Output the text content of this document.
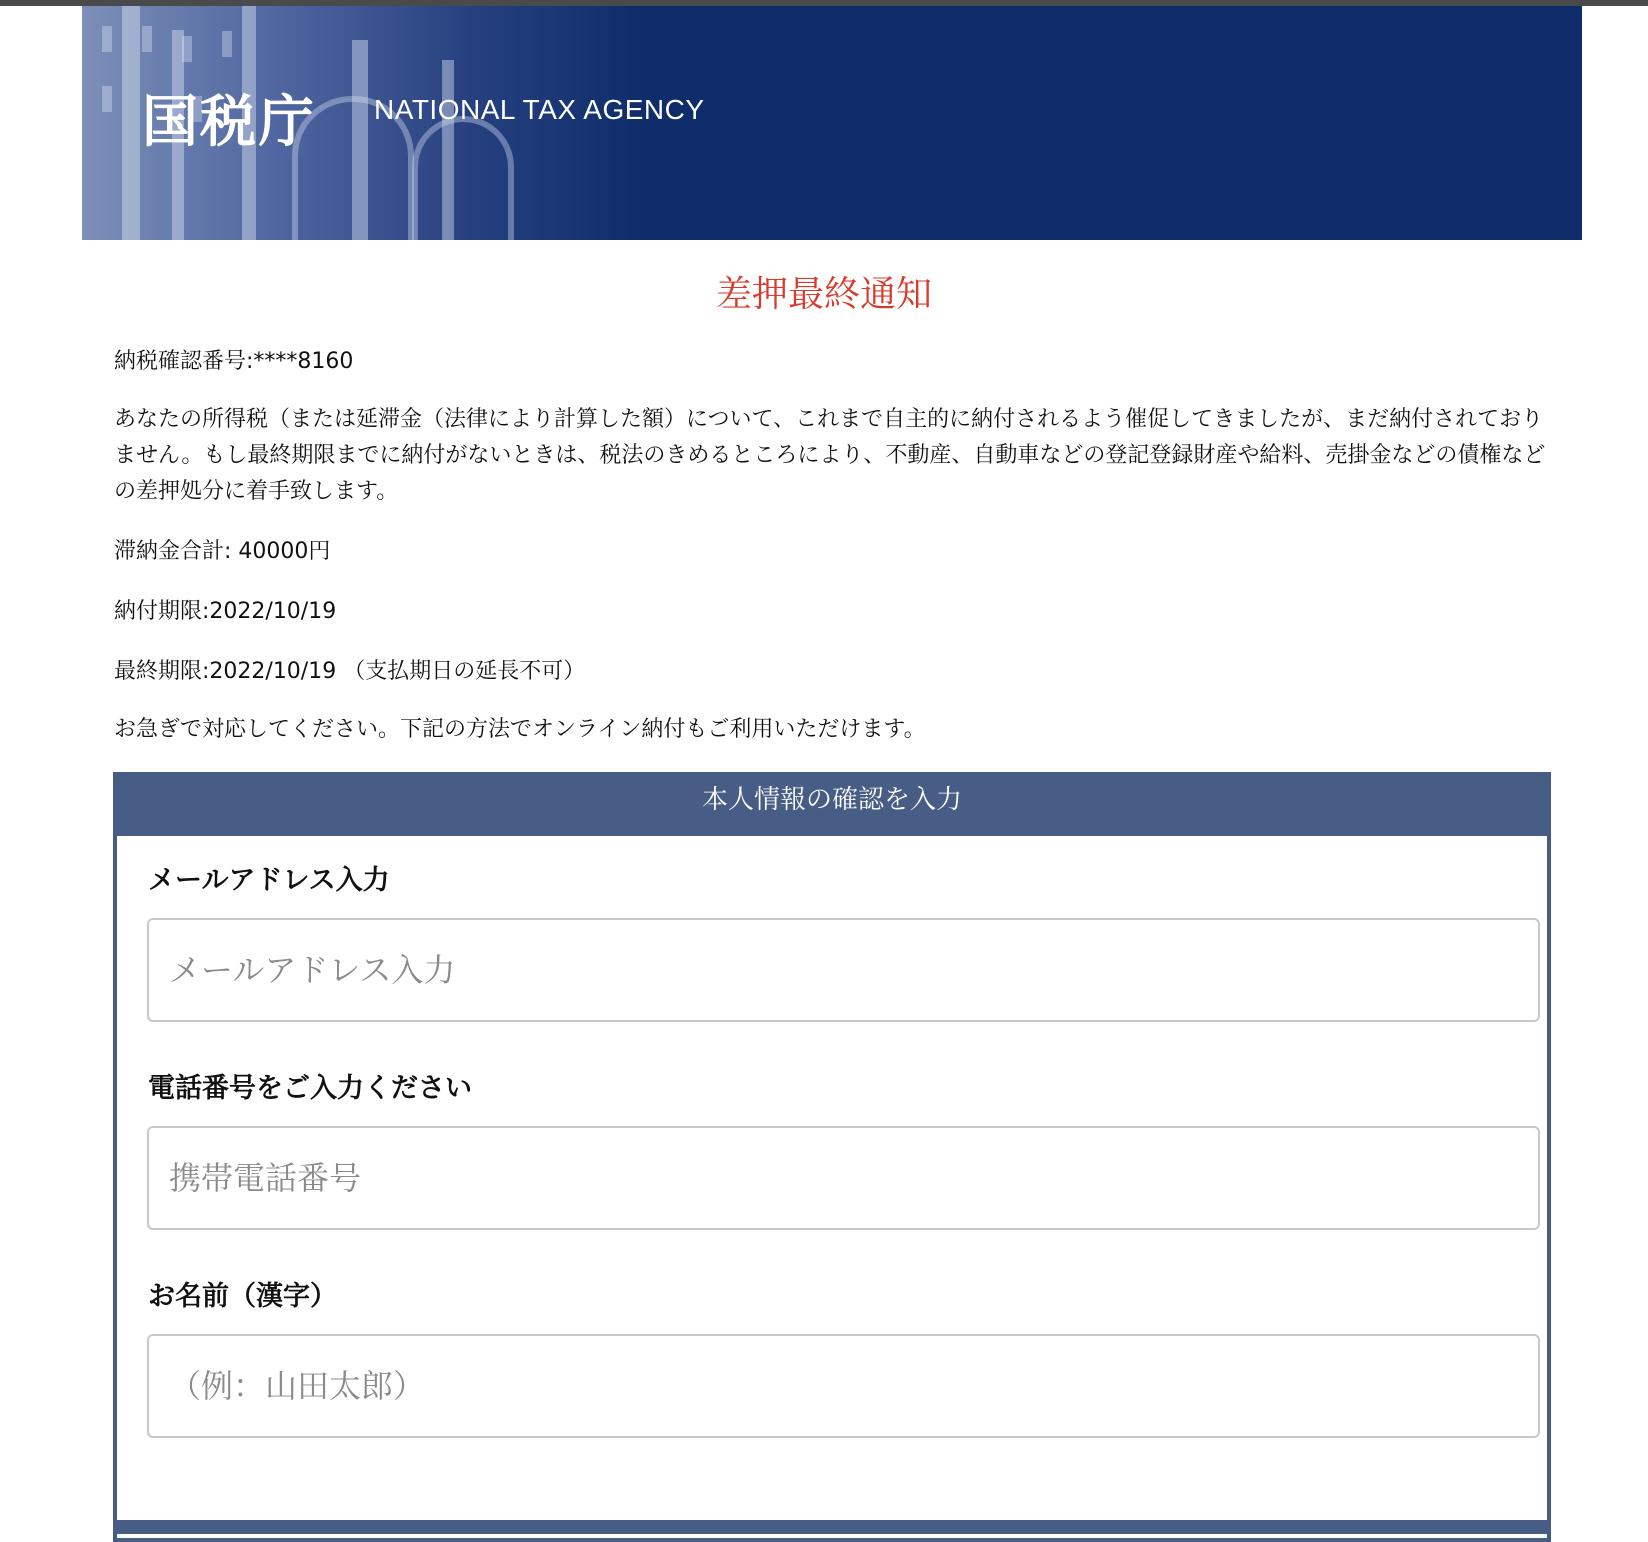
国税庁 NATIONAL TAX AGENCY
差押最終通知
納税確認番号:****8160
あなたの所得税（または延滞金（法律により計算した額）について、これまで自主的に納付されるよう催促してきましたが、まだ納付されておりません。もし最終期限までに納付がないときは、税法のきめるところにより、不動産、自動車などの登記登録財産や給料、売掛金などの債権などの差押処分に着手致します。
滞納金合計: 40000円
納付期限:2022/10/19
最終期限:2022/10/19 （支払期日の延長不可）
お急ぎで対応してください。下記の方法でオンライン納付もご利用いただけます。
本人情報の確認を入力
メールアドレス入力
メールアドレス入力
電話番号をご入力ください
携帯電話番号
お名前（漢字）
（例：山田太郎）
